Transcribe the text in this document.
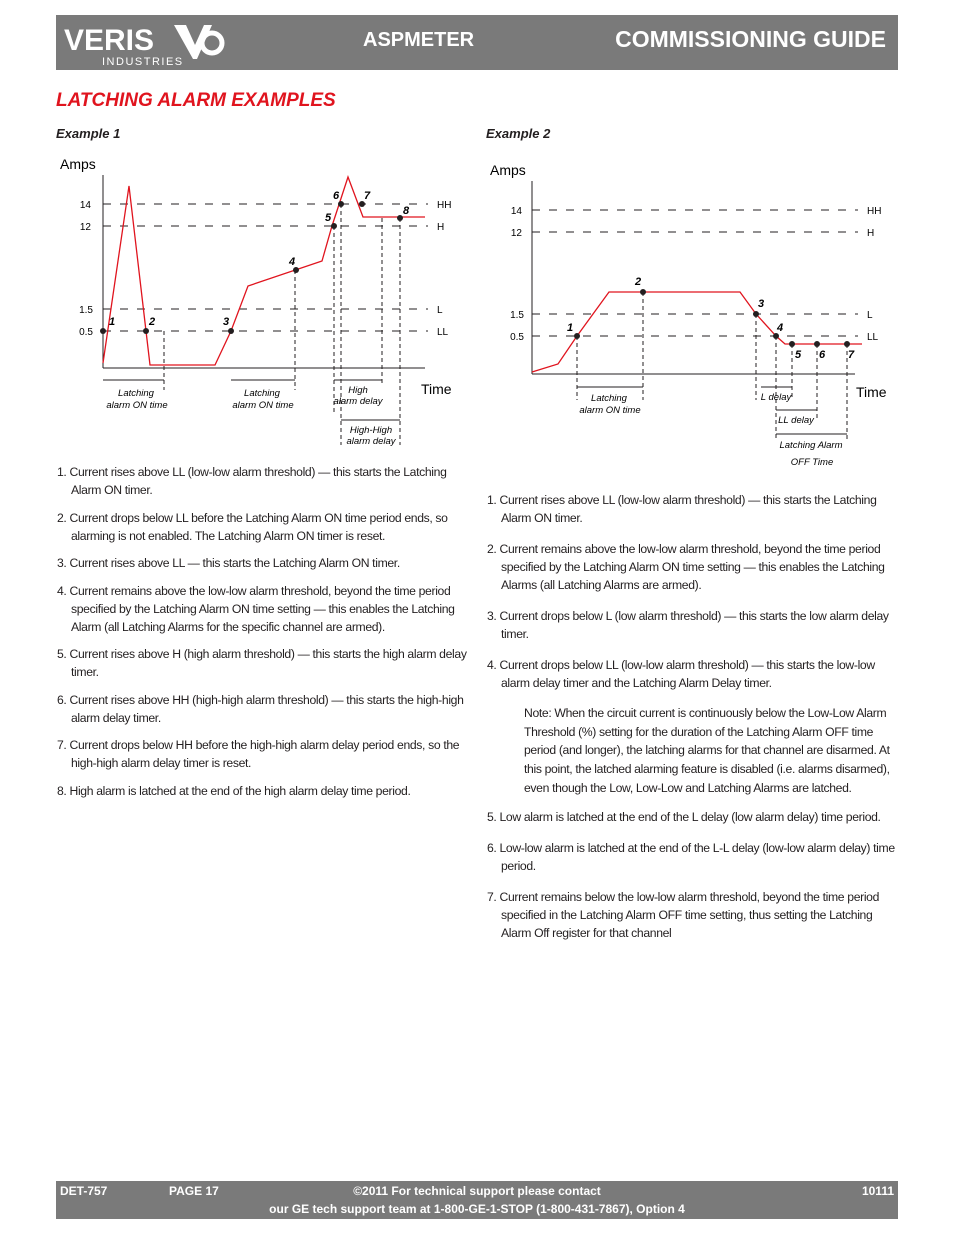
VERIS
INDUSTRIES
ASPMETER	COMMISSIONING GUIDE
LATCHING ALARM EXAMPLES
Example 1	Example 2
Amps
Time
14
12
1.5
0.5
HH
H
L
LL
1	2	3
4
5
6 7
8
Latching
alarm ON time
Latching
alarm ON time
High
alarm delay
High-High
alarm delay
Amps
Time
14
12
1.5
0.5
HH
H
L
LL
1
2
3
4
5 6 7
Latching
alarm ON time
L delay
LL delay
Latching Alarm
OFF Time
1. Current rises above LL (low-low alarm threshold) — this starts the Latching Alarm ON timer.
2. Current drops below LL before the Latching Alarm ON time period ends, so alarming is not enabled. The Latching Alarm ON timer is reset.
3. Current rises above LL — this starts the Latching Alarm ON timer.
4. Current remains above the low-low alarm threshold, beyond the time period specified by the Latching Alarm ON time setting — this enables the Latching Alarm (all Latching Alarms for the specific channel are armed).
5. Current rises above H (high alarm threshold) — this starts the high alarm delay timer.
6. Current rises above HH (high-high alarm threshold) — this starts the high-high alarm delay timer.
7. Current drops below HH before the high-high alarm delay period ends, so the high-high alarm delay timer is reset.
8. High alarm is latched at the end of the high alarm delay time period.
1. Current rises above LL (low-low alarm threshold) — this starts the Latching Alarm ON timer.
2. Current remains above the low-low alarm threshold, beyond the time period specified by the Latching Alarm ON time setting — this enables the Latching Alarms (all Latching Alarms are armed).
3. Current drops below L (low alarm threshold) — this starts the low alarm delay timer.
4. Current drops below LL (low-low alarm threshold) — this starts the low-low alarm delay timer and the Latching Alarm Delay timer.
Note: When the circuit current is continuously below the Low-Low Alarm Threshold (%) setting for the duration of the Latching Alarm OFF time period (and longer), the latching alarms for that channel are disarmed. At this point, the latched alarming feature is disabled (i.e. alarms disarmed), even though the Low, Low-Low and Latching Alarms are latched.
5. Low alarm is latched at the end of the L delay (low alarm delay) time period.
6. Low-low alarm is latched at the end of the L-L delay (low-low alarm delay) time period.
7. Current remains below the low-low alarm threshold, beyond the time period specified in the Latching Alarm OFF time setting, thus setting the Latching Alarm Off register for that channel
DET-757	PAGE 17	©2011 For technical support please contact
our GE tech support team at 1-800-GE-1-STOP (1-800-431-7867), Option 4
10111
